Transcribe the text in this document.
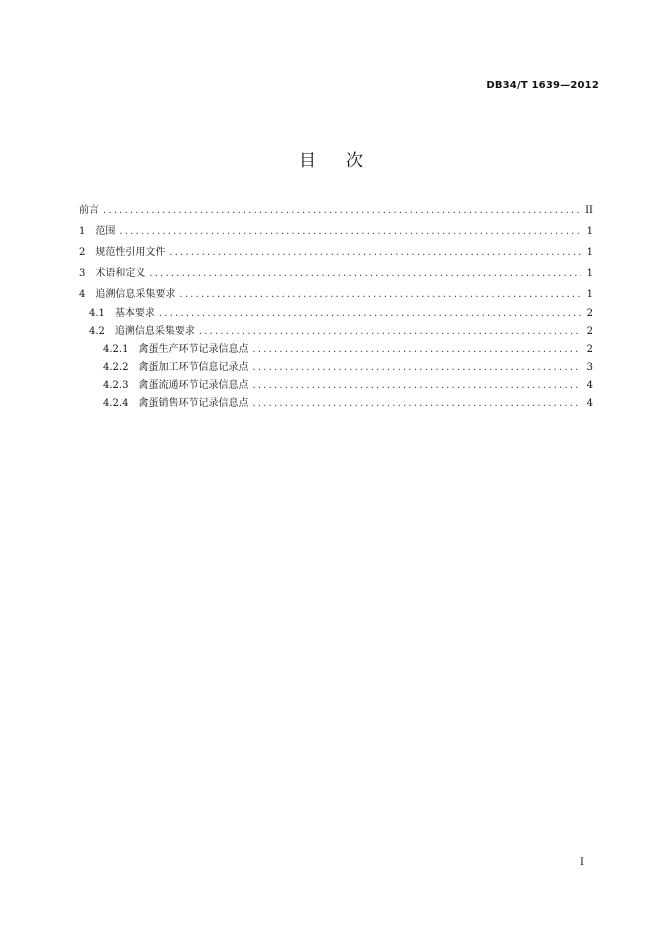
DB34/T 1639—2012
目次
前言 .....	II
1 范围 .....	1
2 规范性引用文件 .....	1
3 术语和定义 .....	1
4 追溯信息采集要求 .....	1
4.1 基本要求 .....	2
4.2 追溯信息采集要求 .....	2
4.2.1 禽蛋生产环节记录信息点 .....	2
4.2.2 禽蛋加工环节信息记录点 .....	3
4.2.3 禽蛋流通环节记录信息点 .....	4
4.2.4 禽蛋销售环节记录信息点 .....	4
I
